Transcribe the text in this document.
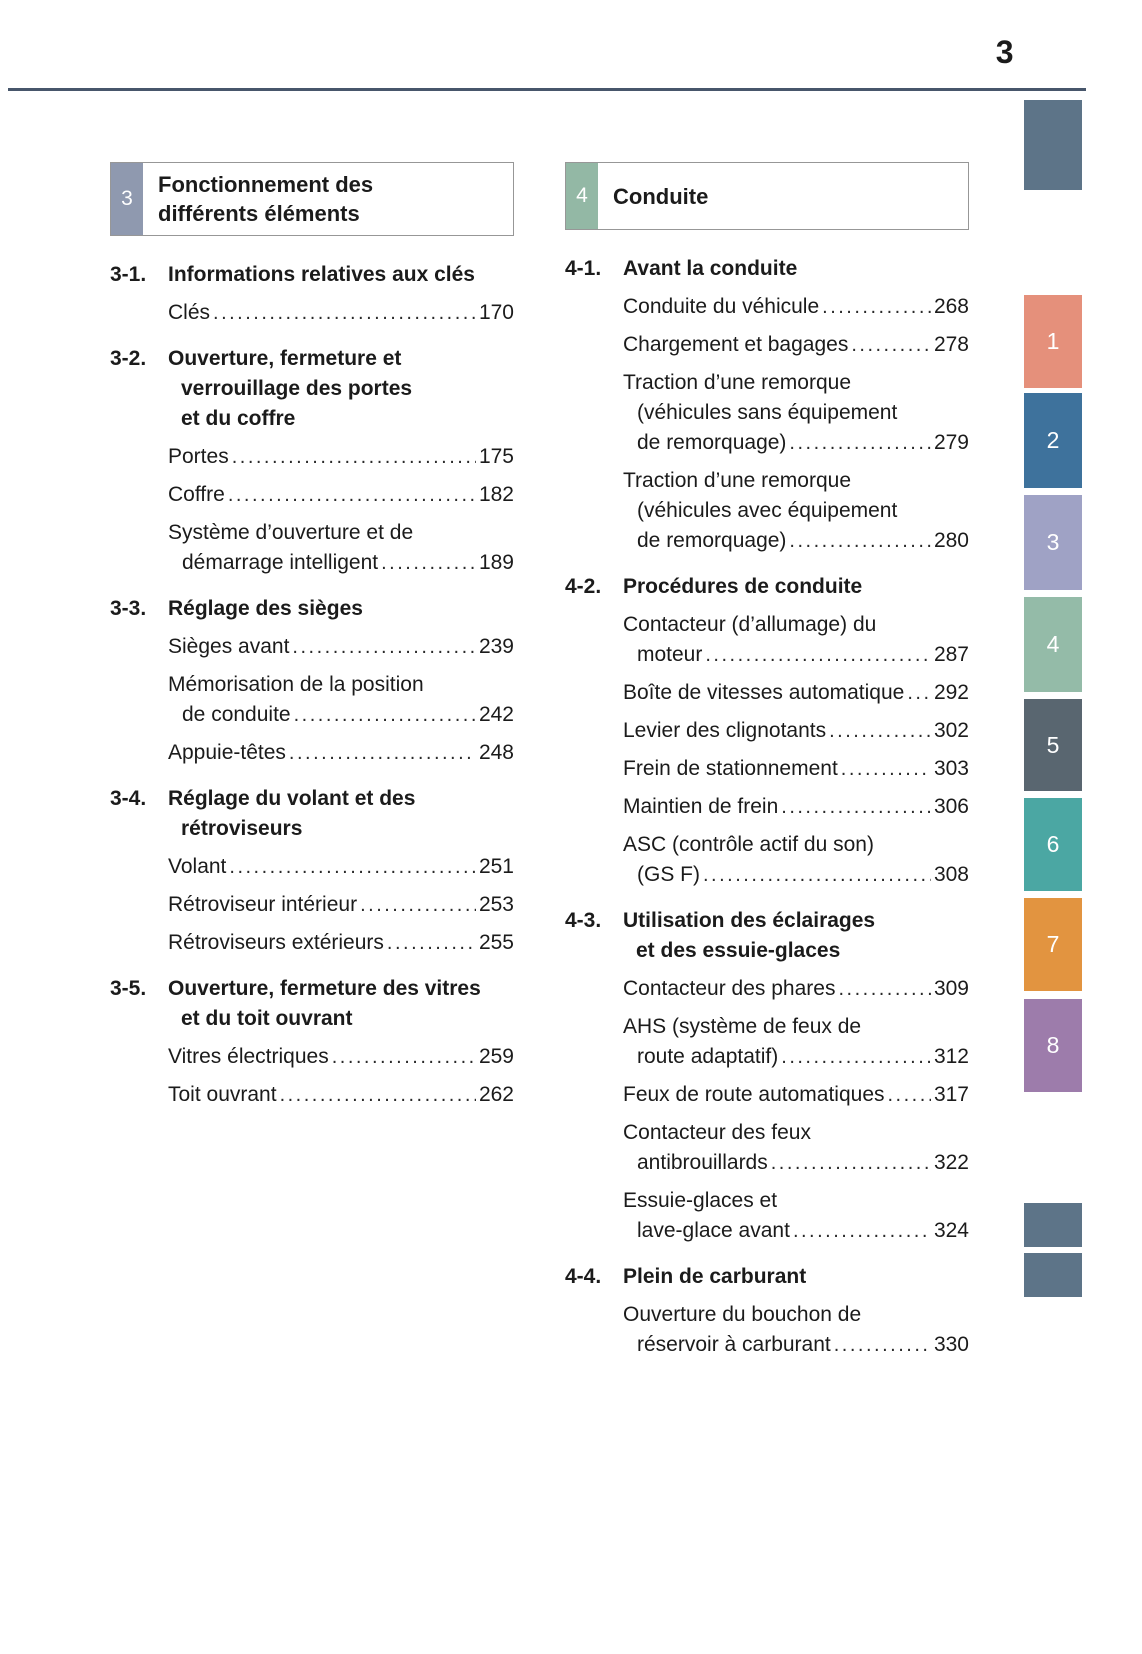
3
3
Fonctionnement des
différents éléments
3-1.	Informations relatives aux clés
Clés .....	170
3-2.	Ouverture, fermeture et
verrouillage des portes
et du coffre
Portes .....	175
Coffre .....	182
Système d’ouverture et de
démarrage intelligent .....	189
3-3.	Réglage des sièges
Sièges avant .....	239
Mémorisation de la position
de conduite .....	242
Appuie-têtes .....	248
3-4.	Réglage du volant et des
rétroviseurs
Volant .....	251
Rétroviseur intérieur .....	253
Rétroviseurs extérieurs .....	255
3-5.	Ouverture, fermeture des vitres
et du toit ouvrant
Vitres électriques .....	259
Toit ouvrant .....	262
4	Conduite
4-1.	Avant la conduite
Conduite du véhicule .....	268
Chargement et bagages .....	278
Traction d’une remorque
(véhicules sans équipement
de remorquage) .....	279
Traction d’une remorque
(véhicules avec équipement
de remorquage) .....	280
4-2.	Procédures de conduite
Contacteur (d’allumage) du
moteur .....	287
Boîte de vitesses automatique ..... 292
Levier des clignotants .....	302
Frein de stationnement .....	303
Maintien de frein .....	306
ASC (contrôle actif du son)
(GS F) .....	308
4-3.	Utilisation des éclairages
et des essuie-glaces
Contacteur des phares .....	309
AHS (système de feux de
route adaptatif) .....	312
Feux de route automatiques ..... 317
Contacteur des feux
antibrouillards .....	322
Essuie-glaces et
lave-glace avant .....	324
4-4.	Plein de carburant
Ouverture du bouchon de
réservoir à carburant .....	330
1
2
3
4
5
6
7
8
